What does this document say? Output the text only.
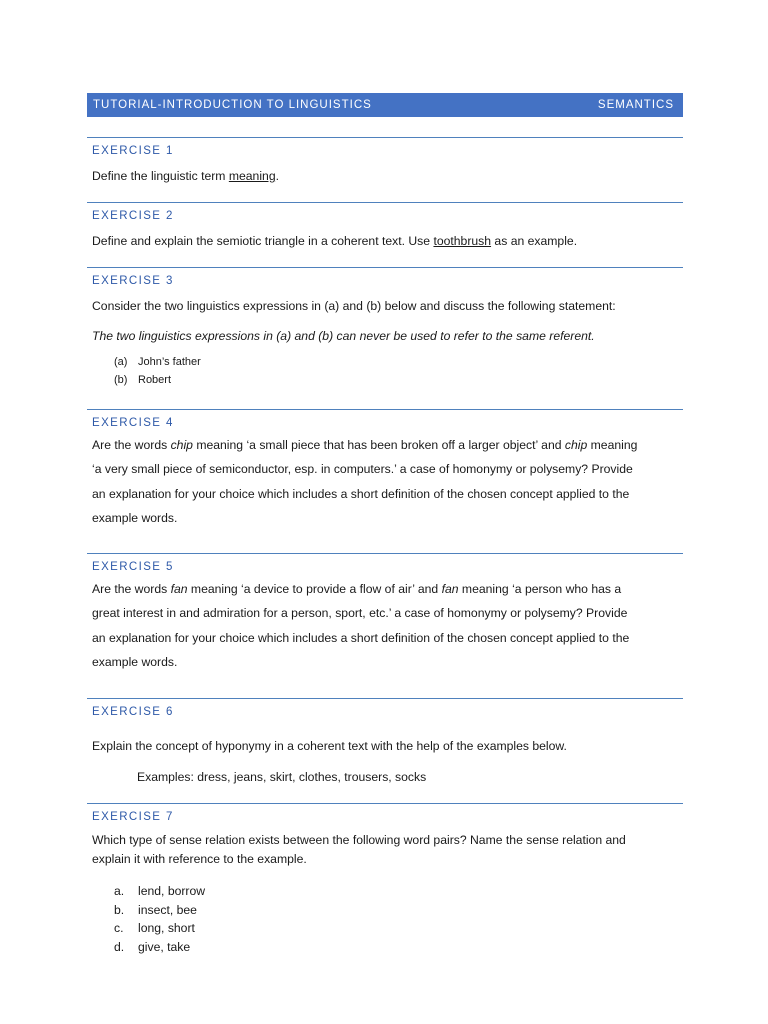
TUTORIAL-INTRODUCTION TO LINGUISTICS	SEMANTICS
EXERCISE 1
Define the linguistic term meaning.
EXERCISE 2
Define and explain the semiotic triangle in a coherent text. Use toothbrush as an example.
EXERCISE 3
Consider the two linguistics expressions in (a) and (b) below and discuss the following statement:
The two linguistics expressions in (a) and (b) can never be used to refer to the same referent.
(a) John’s father
(b) Robert
EXERCISE 4
Are the words chip meaning ‘a small piece that has been broken off a larger object’ and chip meaning
‘a very small piece of semiconductor, esp. in computers.’ a case of homonymy or polysemy? Provide
an explanation for your choice which includes a short definition of the chosen concept applied to the
example words.
EXERCISE 5
Are the words fan meaning ‘a device to provide a flow of air’ and fan meaning ‘a person who has a
great interest in and admiration for a person, sport, etc.’ a case of homonymy or polysemy? Provide
an explanation for your choice which includes a short definition of the chosen concept applied to the
example words.
EXERCISE 6
Explain the concept of hyponymy in a coherent text with the help of the examples below.
Examples: dress, jeans, skirt, clothes, trousers, socks
EXERCISE 7
Which type of sense relation exists between the following word pairs? Name the sense relation and
explain it with reference to the example.
a.	lend, borrow
b.	insect, bee
c.	long, short
d.	give, take
